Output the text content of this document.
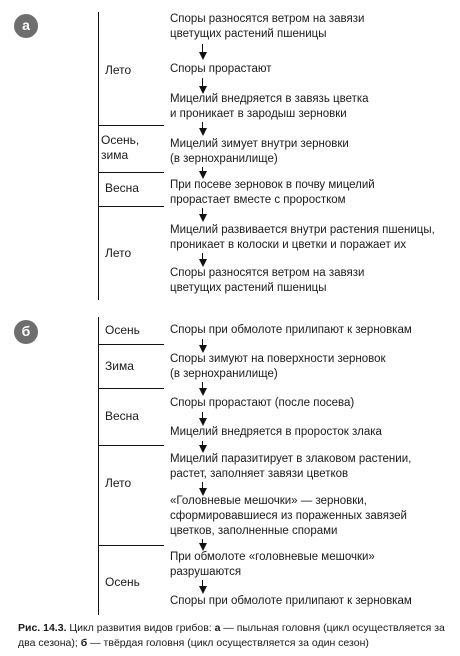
а
Лето
Осень,
зима
Весна
Лето
Споры разносятся ветром на завязи
цветущих растений пшеницы
Споры прорастают
Мицелий внедряется в завязь цветка
и проникает в зародыш зерновки
Мицелий зимует внутри зерновки
(в зернохранилище)
При посеве зерновок в почву мицелий
прорастает вместе с проростком
Мицелий развивается внутри растения пшеницы,
проникает в колоски и цветки и поражает их
Споры разносятся ветром на завязи
цветущих растений пшеницы
б	Осень
Зима
Весна
Лето
Осень
Споры при обмолоте прилипают к зерновкам
Споры зимуют на поверхности зерновок
(в зернохранилище)
Споры прорастают (после посева)
Мицелий внедряется в проросток злака
Мицелий паразитирует в злаковом растении,
растет, заполняет завязи цветков
«Головневые мешочки» — зерновки,
сформировавшиеся из пораженных завязей
цветков, заполненные спорами
При обмолоте «головневые мешочки»
разрушаются
Споры при обмолоте прилипают к зерновкам
Рис. 14.3. Цикл развития видов грибов: а — пыльная головня (цикл осуществляется за два сезона); б — твёрдая головня (цикл осуществляется за один сезон)
